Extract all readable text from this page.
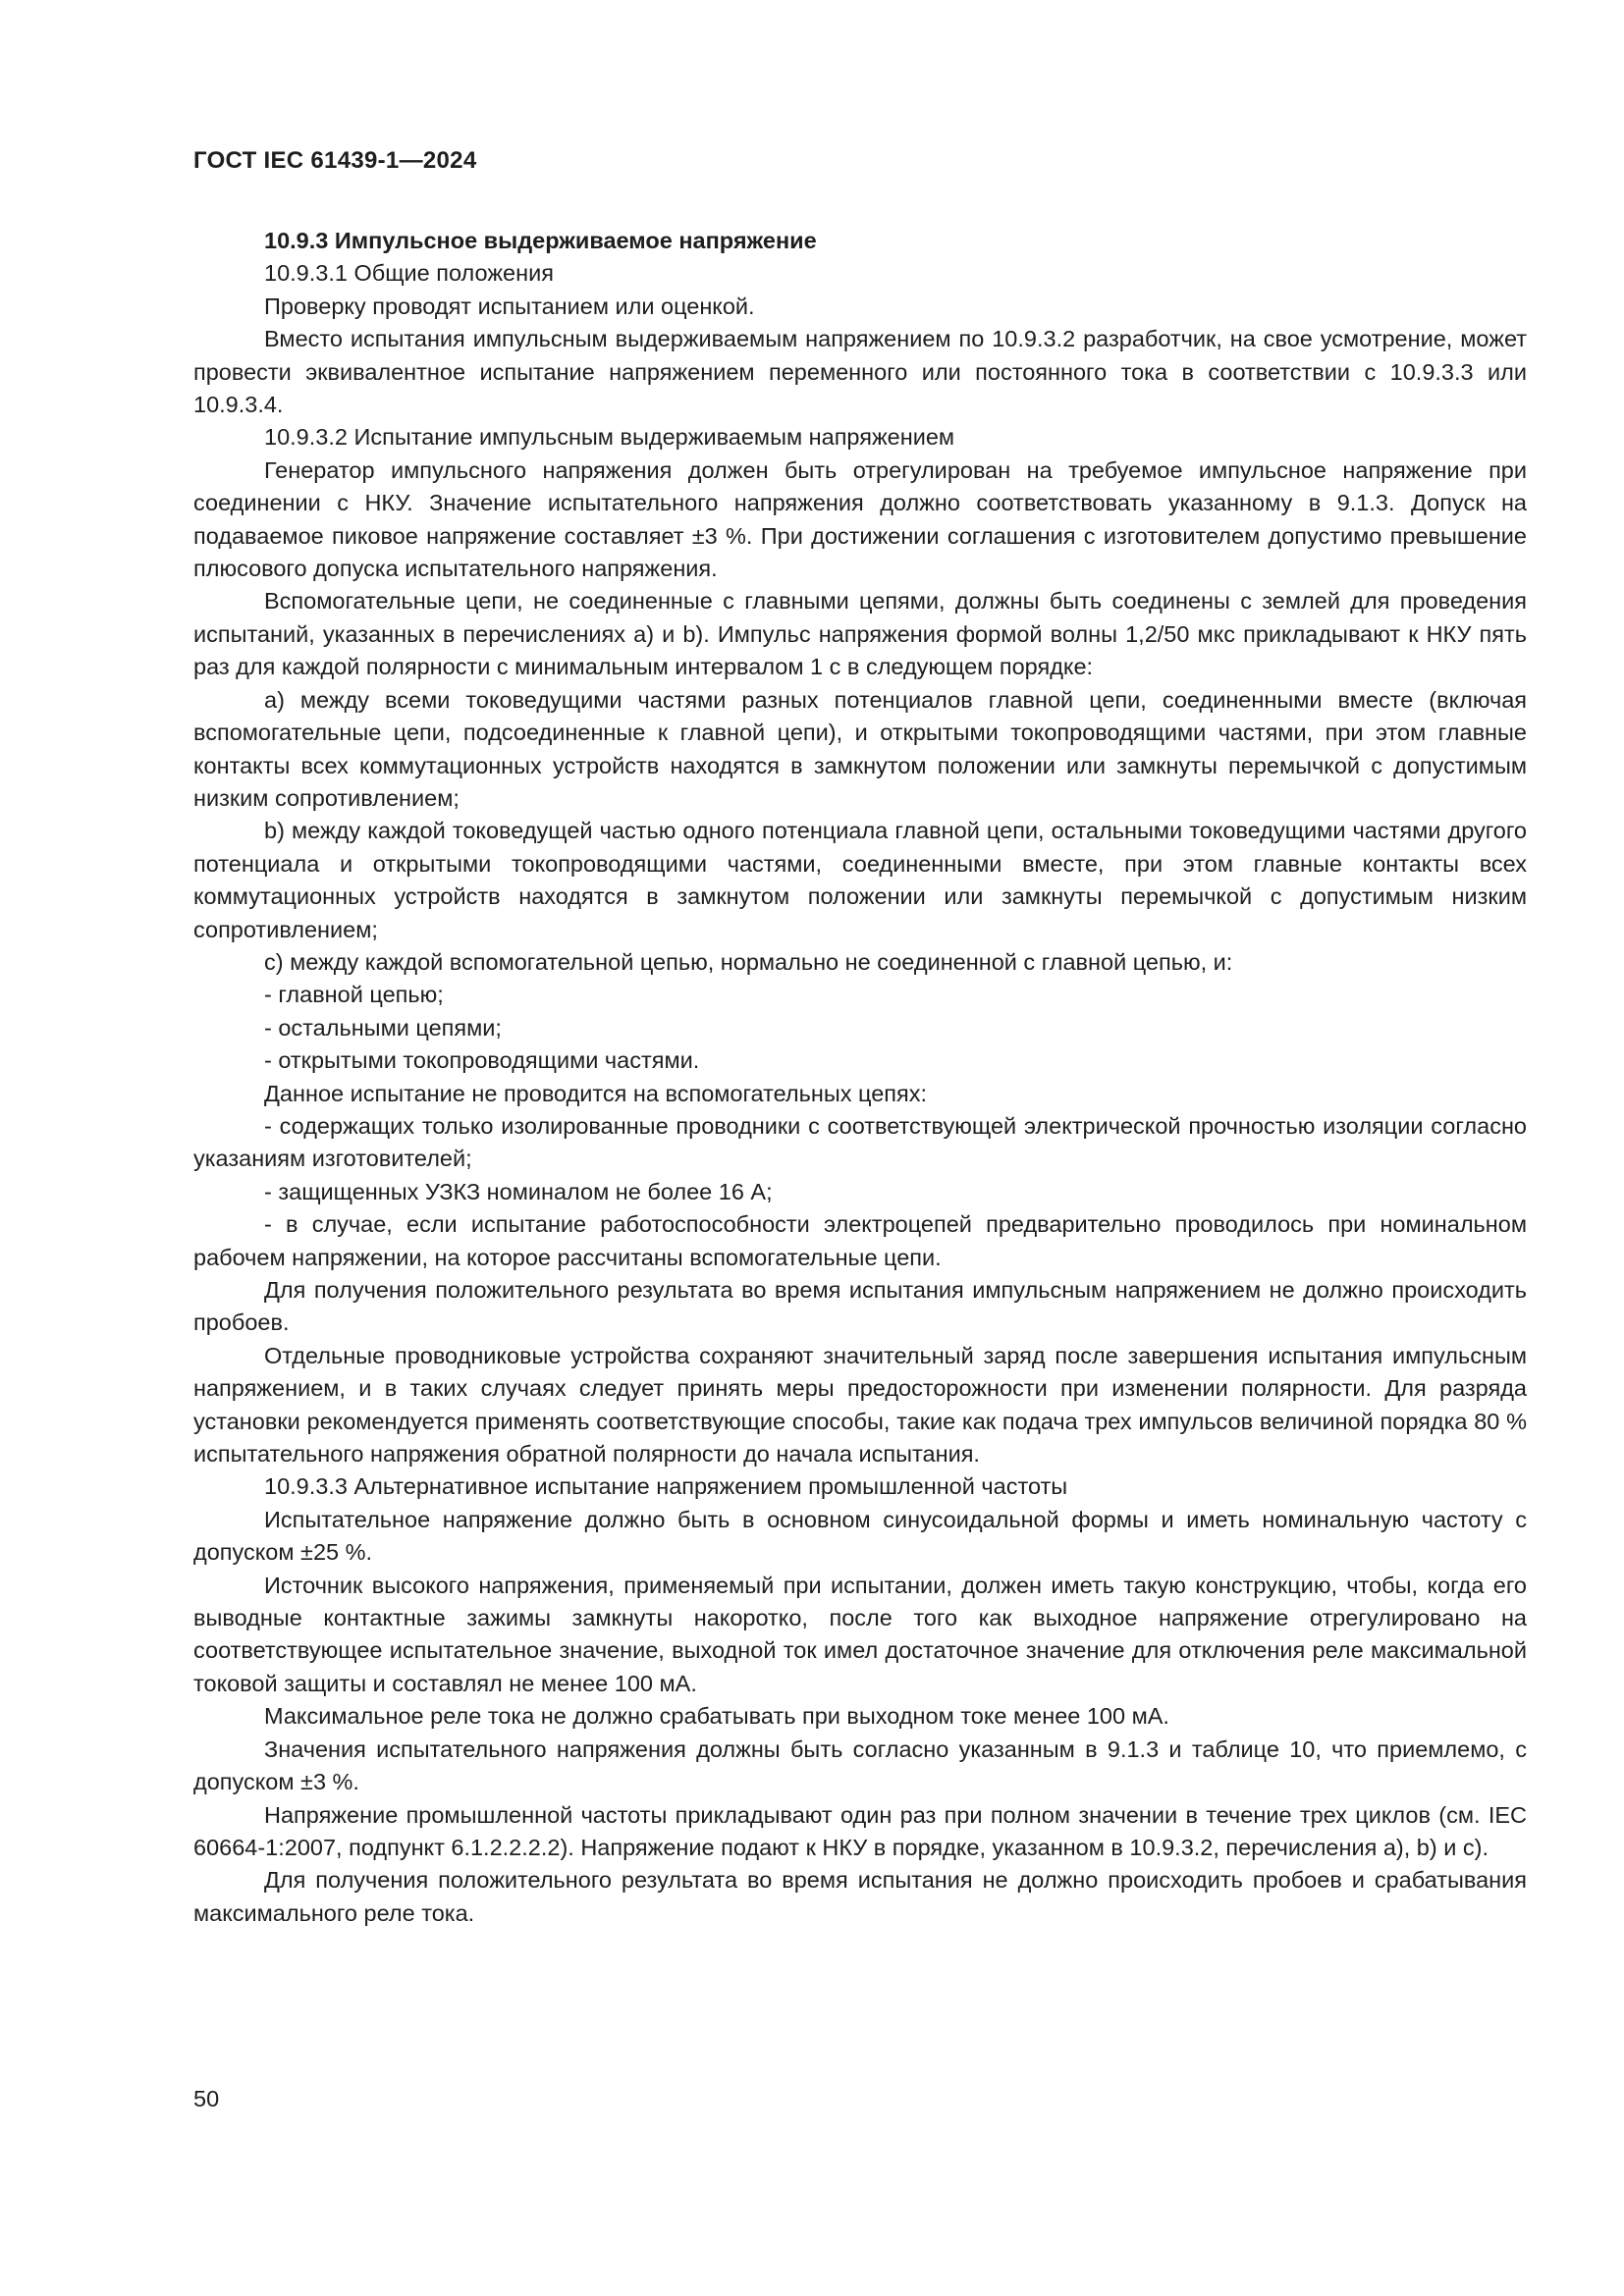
ГОСТ IEC 61439-1—2024

10.9.3 Импульсное выдерживаемое напряжение

10.9.3.1 Общие положения

Проверку проводят испытанием или оценкой.

Вместо испытания импульсным выдерживаемым напряжением по 10.9.3.2 разработчик, на свое усмотрение, может провести эквивалентное испытание напряжением переменного или постоянного тока в соответствии с 10.9.3.3 или 10.9.3.4.

10.9.3.2 Испытание импульсным выдерживаемым напряжением

Генератор импульсного напряжения должен быть отрегулирован на требуемое импульсное напряжение при соединении с НКУ. Значение испытательного напряжения должно соответствовать указанному в 9.1.3. Допуск на подаваемое пиковое напряжение составляет ±3 %. При достижении соглашения с изготовителем допустимо превышение плюсового допуска испытательного напряжения.

Вспомогательные цепи, не соединенные с главными цепями, должны быть соединены с землей для проведения испытаний, указанных в перечислениях а) и b). Импульс напряжения формой волны 1,2/50 мкс прикладывают к НКУ пять раз для каждой полярности с минимальным интервалом 1 с в следующем порядке:

а) между всеми токоведущими частями разных потенциалов главной цепи, соединенными вместе (включая вспомогательные цепи, подсоединенные к главной цепи), и открытыми токопроводящими частями, при этом главные контакты всех коммутационных устройств находятся в замкнутом положении или замкнуты перемычкой с допустимым низким сопротивлением;

b) между каждой токоведущей частью одного потенциала главной цепи, остальными токоведущими частями другого потенциала и открытыми токопроводящими частями, соединенными вместе, при этом главные контакты всех коммутационных устройств находятся в замкнутом положении или замкнуты перемычкой с допустимым низким сопротивлением;

с) между каждой вспомогательной цепью, нормально не соединенной с главной цепью, и:

- главной цепью;

- остальными цепями;

- открытыми токопроводящими частями.

Данное испытание не проводится на вспомогательных цепях:

- содержащих только изолированные проводники с соответствующей электрической прочностью изоляции согласно указаниям изготовителей;

- защищенных УЗКЗ номиналом не более 16 А;

- в случае, если испытание работоспособности электроцепей предварительно проводилось при номинальном рабочем напряжении, на которое рассчитаны вспомогательные цепи.

Для получения положительного результата во время испытания импульсным напряжением не должно происходить пробоев.

Отдельные проводниковые устройства сохраняют значительный заряд после завершения испытания импульсным напряжением, и в таких случаях следует принять меры предосторожности при изменении полярности. Для разряда установки рекомендуется применять соответствующие способы, такие как подача трех импульсов величиной порядка 80 % испытательного напряжения обратной полярности до начала испытания.

10.9.3.3 Альтернативное испытание напряжением промышленной частоты

Испытательное напряжение должно быть в основном синусоидальной формы и иметь номинальную частоту с допуском ±25 %.

Источник высокого напряжения, применяемый при испытании, должен иметь такую конструкцию, чтобы, когда его выводные контактные зажимы замкнуты накоротко, после того как выходное напряжение отрегулировано на соответствующее испытательное значение, выходной ток имел достаточное значение для отключения реле максимальной токовой защиты и составлял не менее 100 мА.

Максимальное реле тока не должно срабатывать при выходном токе менее 100 мА.

Значения испытательного напряжения должны быть согласно указанным в 9.1.3 и таблице 10, что приемлемо, с допуском ±3 %.

Напряжение промышленной частоты прикладывают один раз при полном значении в течение трех циклов (см. IEC 60664-1:2007, подпункт 6.1.2.2.2.2). Напряжение подают к НКУ в порядке, указанном в 10.9.3.2, перечисления а), b) и с).

Для получения положительного результата во время испытания не должно происходить пробоев и срабатывания максимального реле тока.

50
